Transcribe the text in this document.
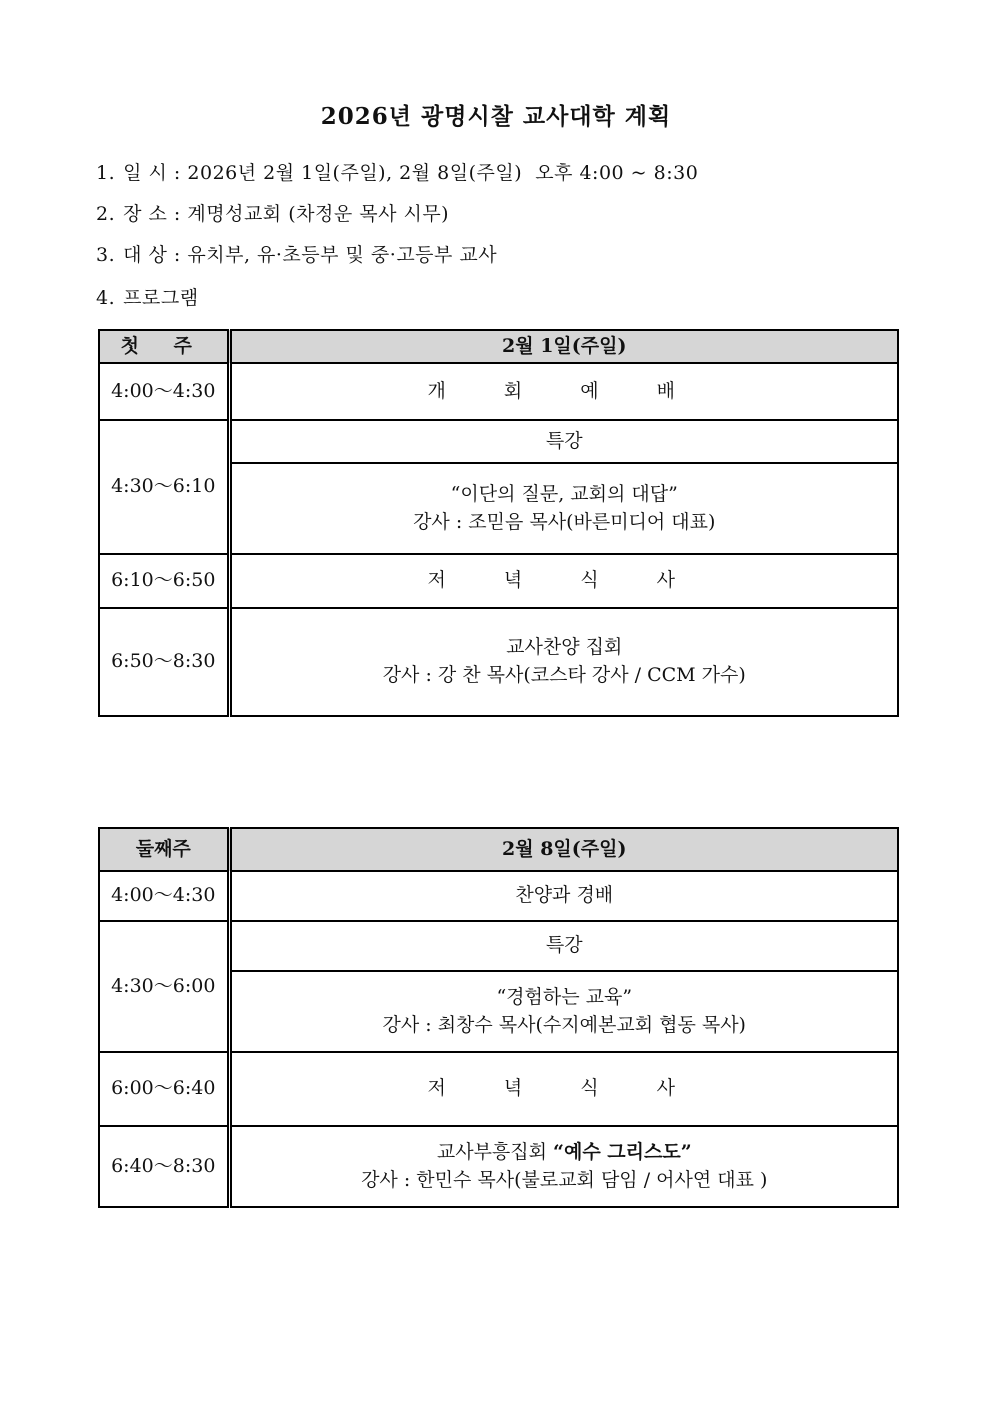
2026년 광명시찰 교사대학 계획
1. 일 시 : 2026년 2월 1일(주일), 2월 8일(주일)  오후 4:00 ~ 8:30
2. 장 소 : 계명성교회 (차정운 목사 시무)
3. 대 상 : 유치부, 유·초등부 및 중·고등부 교사
4. 프로그램
첫 주	2월 1일(주일)
4:00～4:30	개 회 예 배
4:30～6:10	특강

	“이단의 질문, 교회의 대답”
강사 : 조믿음 목사(바른미디어 대표)

6:10～6:50	저 녁 식 사
6:50～8:30	교사찬양 집회
강사 : 강 찬 목사(코스타 강사 / CCM 가수)
둘째주	2월 8일(주일)
4:00～4:30	찬양과 경배
4:30～6:00	특강

	“경험하는 교육”
강사 : 최창수 목사(수지예본교회 협동 목사)

6:00～6:40	저 녁 식 사
6:40～8:30	교사부흥집회 “예수 그리스도”
강사 : 한민수 목사(불로교회 담임 / 어사연 대표 )
